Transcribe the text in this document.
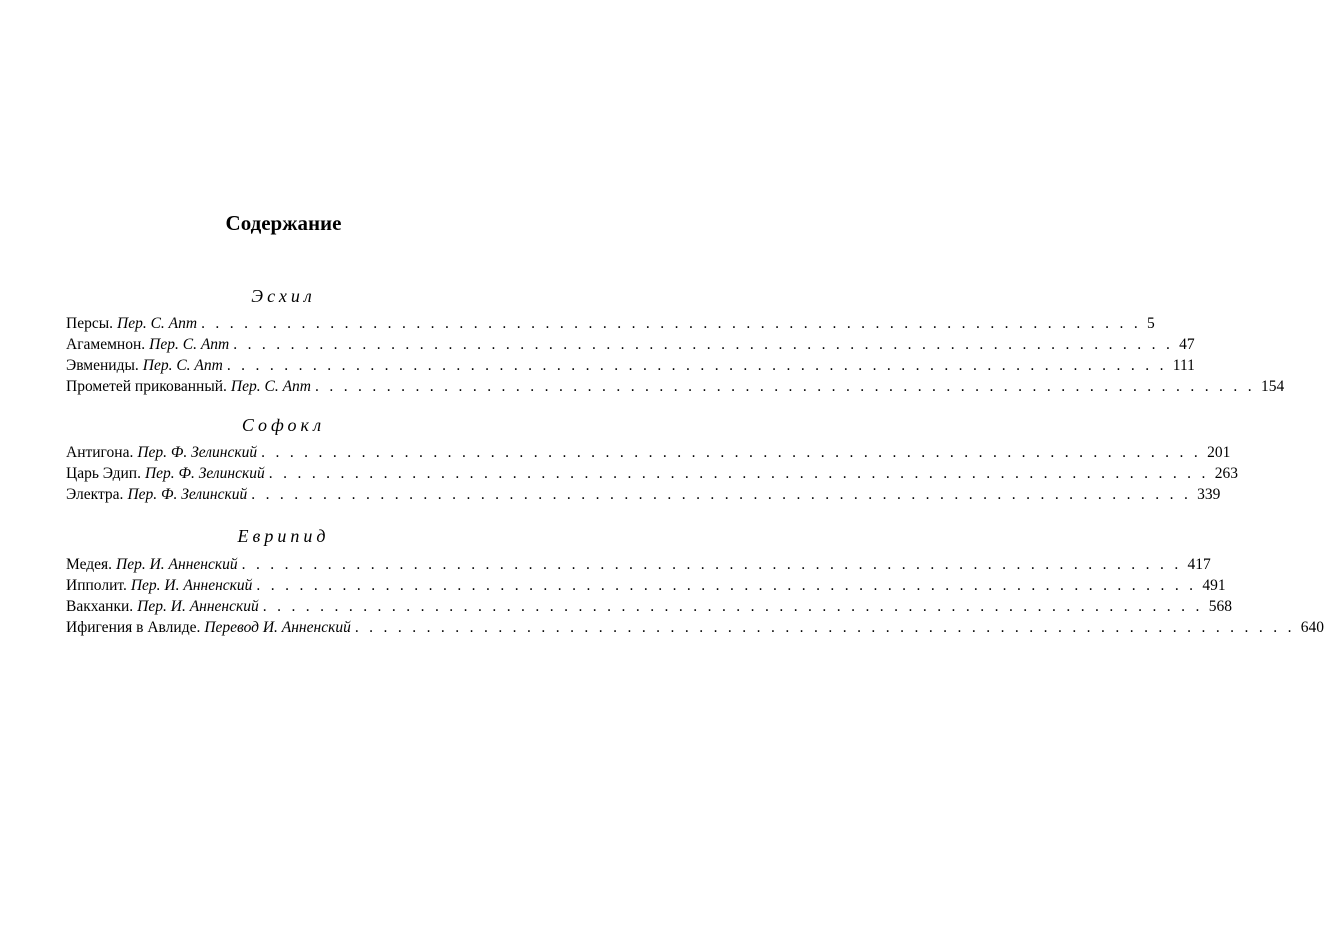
Содержание
Эсхил
Персы. Пер. С. Апт . . . . . . . . . . . . . . . . . . . . . . . . . . . . . . . . . . . . . . . . . . . . . . . . . . . . . . . . . . . . . . . . . . 5
Агамемнон. Пер. С. Апт . . . . . . . . . . . . . . . . . . . . . . . . . . . . . . . . . . . . . . . . . . . . . . . . . . . . . . . . . . . . . . . . . . 47
Эвмениды. Пер. С. Апт . . . . . . . . . . . . . . . . . . . . . . . . . . . . . . . . . . . . . . . . . . . . . . . . . . . . . . . . . . . . . . . . . . 111
Прометей прикованный. Пер. С. Апт . . . . . . . . . . . . . . . . . . . . . . . . . . . . . . . . . . . . . . . . . . . . . . . . . . . . . . . . . . . . . . . . . . 154
Софокл
Антигона. Пер. Ф. Зелинский . . . . . . . . . . . . . . . . . . . . . . . . . . . . . . . . . . . . . . . . . . . . . . . . . . . . . . . . . . . . . . . . . . 201
Царь Эдип. Пер. Ф. Зелинский . . . . . . . . . . . . . . . . . . . . . . . . . . . . . . . . . . . . . . . . . . . . . . . . . . . . . . . . . . . . . . . . . . 263
Электра. Пер. Ф. Зелинский . . . . . . . . . . . . . . . . . . . . . . . . . . . . . . . . . . . . . . . . . . . . . . . . . . . . . . . . . . . . . . . . . . 339
Еврипид
Медея. Пер. И. Анненский . . . . . . . . . . . . . . . . . . . . . . . . . . . . . . . . . . . . . . . . . . . . . . . . . . . . . . . . . . . . . . . . . . 417
Ипполит. Пер. И. Анненский . . . . . . . . . . . . . . . . . . . . . . . . . . . . . . . . . . . . . . . . . . . . . . . . . . . . . . . . . . . . . . . . . . 491
Вакханки. Пер. И. Анненский . . . . . . . . . . . . . . . . . . . . . . . . . . . . . . . . . . . . . . . . . . . . . . . . . . . . . . . . . . . . . . . . . . 568
Ифигения в Авлиде. Перевод И. Анненский . . . . . . . . . . . . . . . . . . . . . . . . . . . . . . . . . . . . . . . . . . . . . . . . . . . . . . . . . . . . . . . . . . 640
